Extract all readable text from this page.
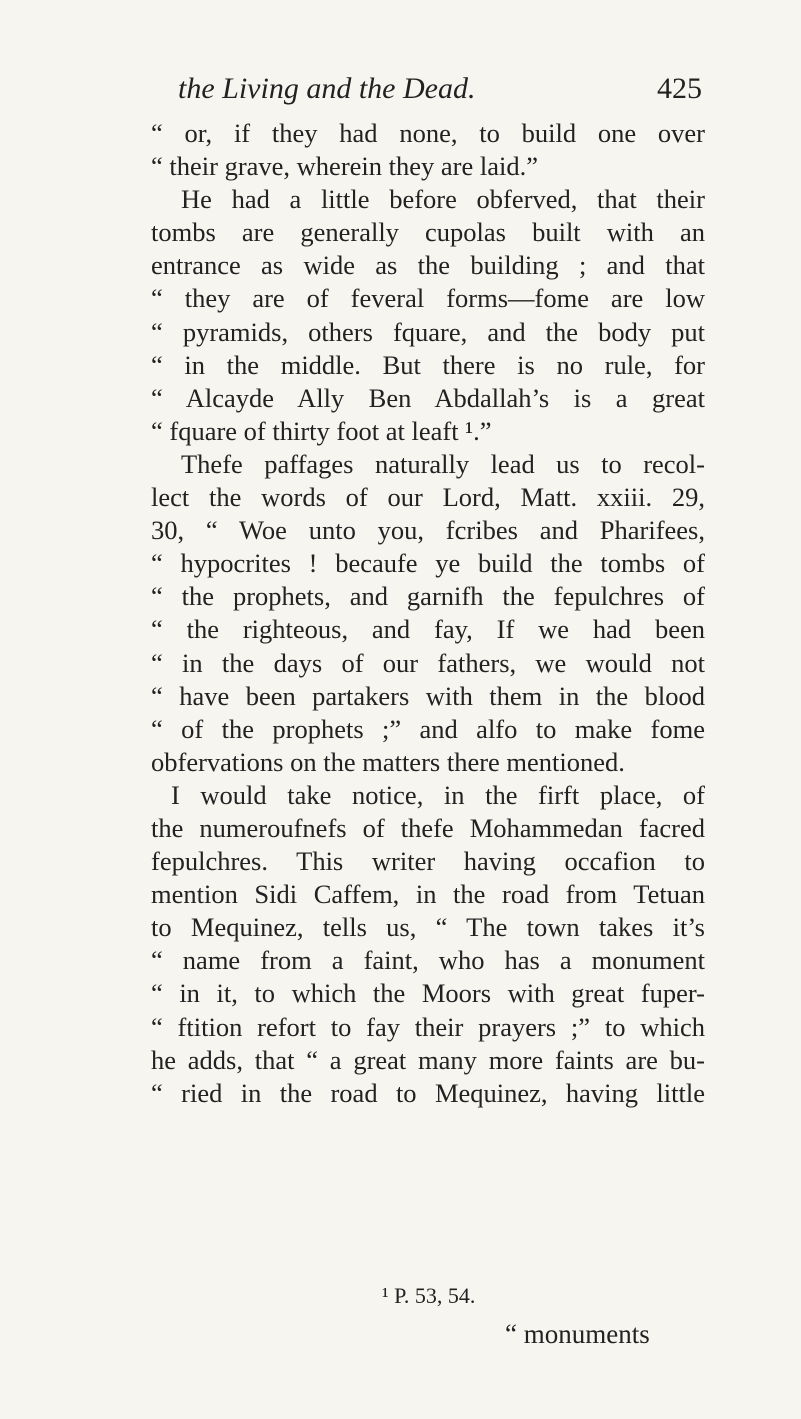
the Living and the Dead.	425
“ or, if they had none, to build one over
“ their grave, wherein they are laid.”
He had a little before obferved, that their
tombs are generally cupolas built with an
entrance as wide as the building ; and that
“ they are of feveral forms—fome are low
“ pyramids, others fquare, and the body put
“ in the middle. But there is no rule, for
“ Alcayde Ally Ben Abdallah’s is a great
“ fquare of thirty foot at leaft ¹.”
Thefe paffages naturally lead us to recol-
lect the words of our Lord, Matt. xxiii. 29,
30, “ Woe unto you, fcribes and Pharifees,
“ hypocrites ! becaufe ye build the tombs of
“ the prophets, and garnifh the fepulchres of
“ the righteous, and fay, If we had been
“ in the days of our fathers, we would not
“ have been partakers with them in the blood
“ of the prophets ;” and alfo to make fome
obfervations on the matters there mentioned.
I would take notice, in the firft place, of
the numeroufnefs of thefe Mohammedan facred
fepulchres. This writer having occafion to
mention Sidi Caffem, in the road from Tetuan
to Mequinez, tells us, “ The town takes it’s
“ name from a faint, who has a monument
“ in it, to which the Moors with great fuper-
“ ftition refort to fay their prayers ;” to which
he adds, that “ a great many more faints are bu-
“ ried in the road to Mequinez, having little
¹ P. 53, 54.
“ monuments
